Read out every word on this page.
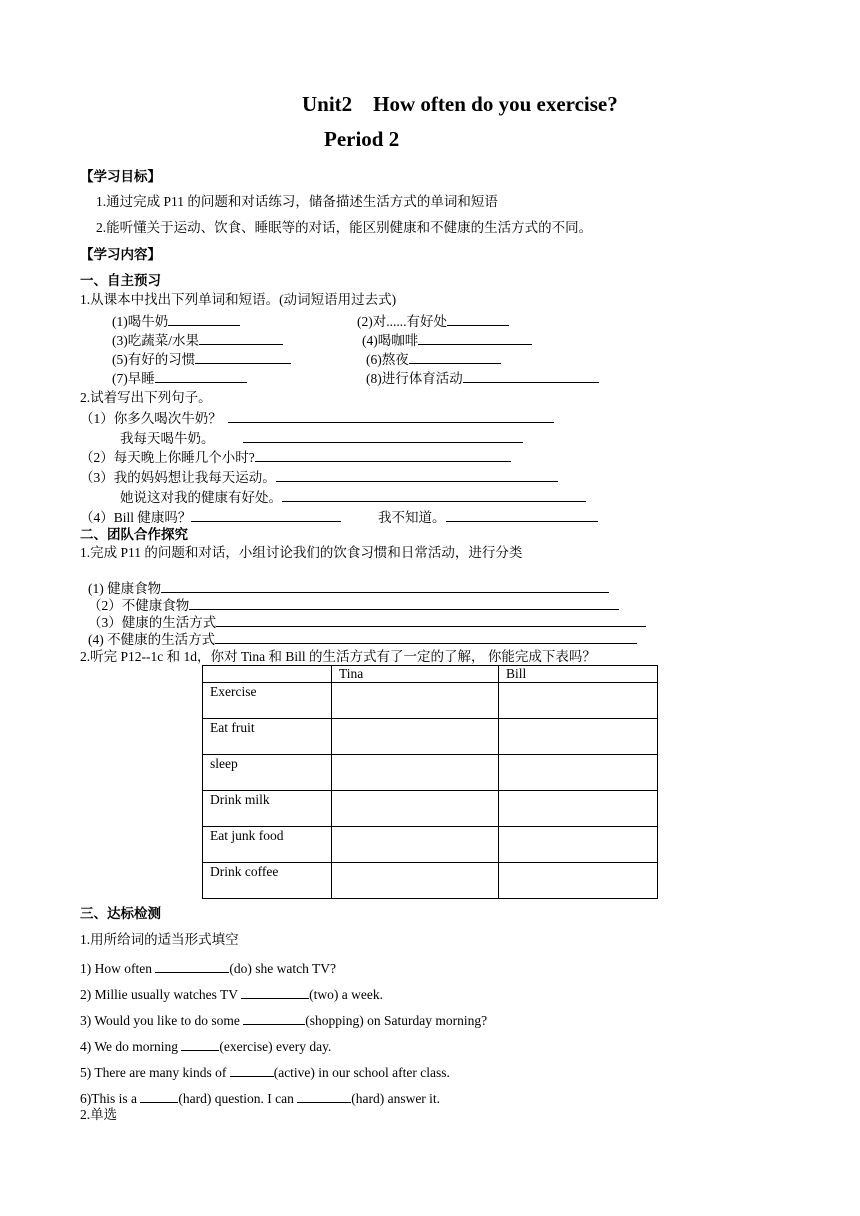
Unit2    How often do you exercise?
Period 2
【学习目标】
1.通过完成 P11 的问题和对话练习，储备描述生活方式的单词和短语
2.能听懂关于运动、饮食、睡眠等的对话，能区别健康和不健康的生活方式的不同。
【学习内容】
一、自主预习
1.从课本中找出下列单词和短语。(动词短语用过去式)
(1)喝牛奶	(2)对......有好处
(3)吃蔬菜/水果	(4)喝咖啡
(5)有好的习惯	(6)熬夜
(7)早睡	(8)进行体育活动
2.试着写出下列句子。
（1）你多久喝次牛奶？
我每天喝牛奶。
（2）每天晚上你睡几个小时?
（3）我的妈妈想让我每天运动。
她说这对我的健康有好处。
（4）Bill 健康吗？	我不知道。
二、团队合作探究
1.完成 P11 的问题和对话，小组讨论我们的饮食习惯和日常活动，进行分类
(1) 健康食物
（2）不健康食物
（3）健康的生活方式
(4) 不健康的生活方式
2.听完 P12--1c 和 1d，你对 Tina 和 Bill 的生活方式有了一定的了解， 你能完成下表吗？
	Tina	Bill
Exercise		
Eat fruit		
sleep		
Drink milk		
Eat junk food		
Drink coffee		
三、达标检测
1.用所给词的适当形式填空
1) How often	(do) she watch TV?
2) Millie usually watches TV	(two) a week.
3) Would you like to do some	(shopping) on Saturday morning?
4) We do morning	(exercise) every day.
5) There are many kinds of	(active) in our school after class.
6)This is a	(hard) question. I can	(hard) answer it.
2.单选
